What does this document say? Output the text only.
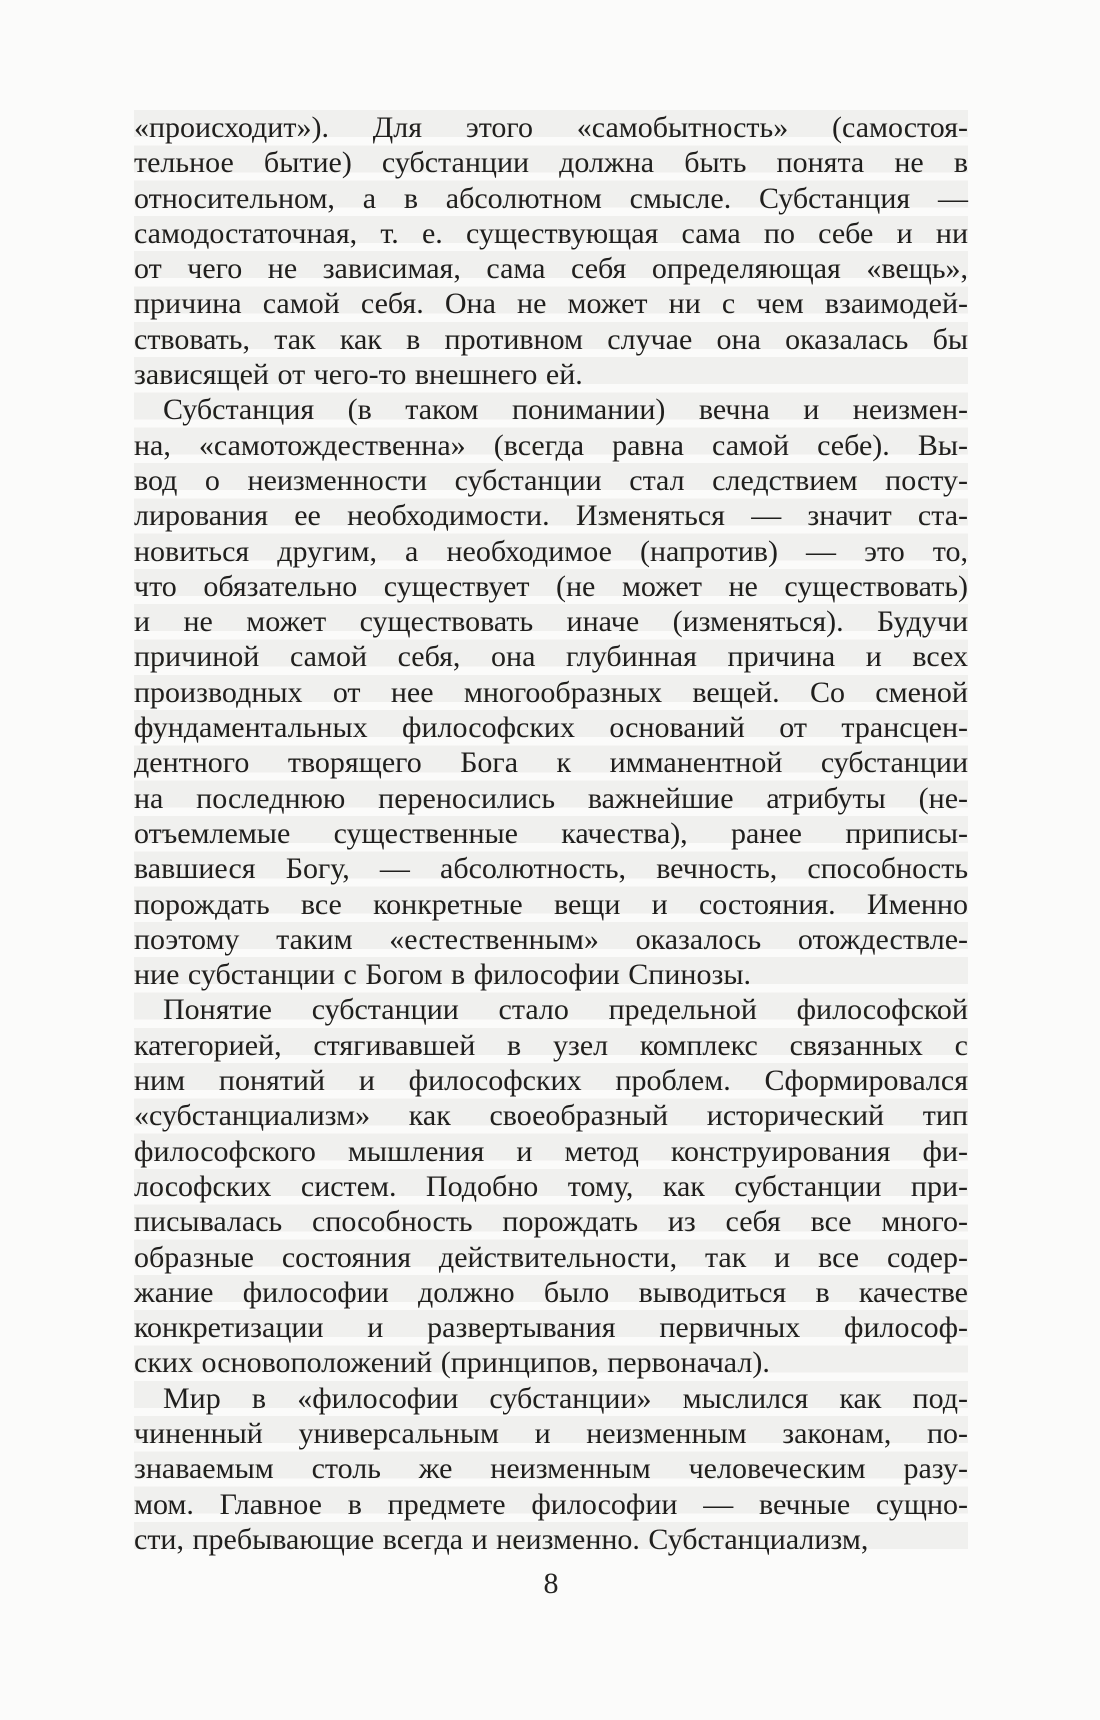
«происходит»). Для этого «самобытность» (самостоя-
тельное бытие) субстанции должна быть понята не в
относительном, а в абсолютном смысле. Субстанция —
самодостаточная, т. е. существующая сама по себе и ни
от чего не зависимая, сама себя определяющая «вещь»,
причина самой себя. Она не может ни с чем взаимодей-
ствовать, так как в противном случае она оказалась бы
зависящей от чего-то внешнего ей.
Субстанция (в таком понимании) вечна и неизмен-
на, «самотождественна» (всегда равна самой себе). Вы-
вод о неизменности субстанции стал следствием посту-
лирования ее необходимости. Изменяться — значит ста-
новиться другим, а необходимое (напротив) — это то,
что обязательно существует (не может не существовать)
и не может существовать иначе (изменяться). Будучи
причиной самой себя, она глубинная причина и всех
производных от нее многообразных вещей. Со сменой
фундаментальных философских оснований от трансцен-
дентного творящего Бога к имманентной субстанции
на последнюю переносились важнейшие атрибуты (не-
отъемлемые существенные качества), ранее приписы-
вавшиеся Богу, — абсолютность, вечность, способность
порождать все конкретные вещи и состояния. Именно
поэтому таким «естественным» оказалось отождествле-
ние субстанции с Богом в философии Спинозы.
Понятие субстанции стало предельной философской
категорией, стягивавшей в узел комплекс связанных с
ним понятий и философских проблем. Сформировался
«субстанциализм» как своеобразный исторический тип
философского мышления и метод конструирования фи-
лософских систем. Подобно тому, как субстанции при-
писывалась способность порождать из себя все много-
образные состояния действительности, так и все содер-
жание философии должно было выводиться в качестве
конкретизации и развертывания первичных философ-
ских основоположений (принципов, первоначал).
Мир в «философии субстанции» мыслился как под-
чиненный универсальным и неизменным законам, по-
знаваемым столь же неизменным человеческим разу-
мом. Главное в предмете философии — вечные сущно-
сти, пребывающие всегда и неизменно. Субстанциализм,
8
